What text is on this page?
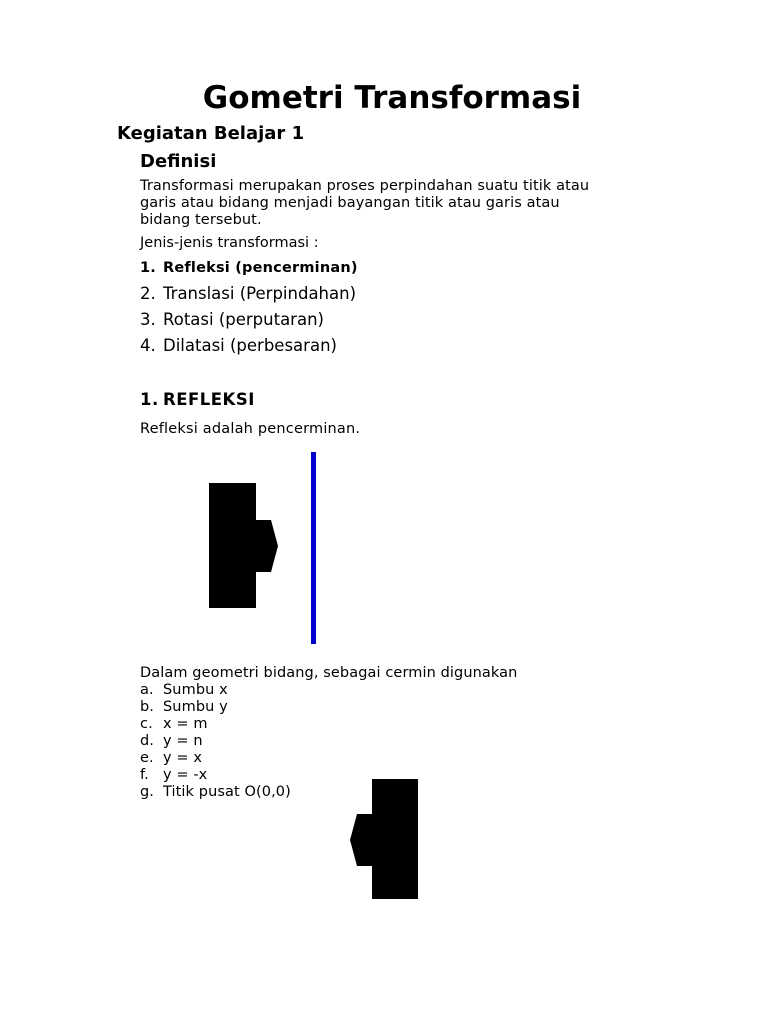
Gometri Transformasi
Kegiatan Belajar 1
Definisi
Transformasi merupakan proses perpindahan suatu titik atau
garis atau bidang menjadi bayangan titik atau garis atau
bidang tersebut.
Jenis-jenis transformasi :
1. Refleksi (pencerminan)
2. Translasi (Perpindahan)
3. Rotasi (perputaran)
4. Dilatasi (perbesaran)
1. REFLEKSI
Refleksi adalah pencerminan.
Dalam geometri bidang, sebagai cermin digunakan
a. Sumbu x
b. Sumbu y
c. x = m
d. y = n
e. y = x
f. y = -x
g. Titik pusat O(0,0)
